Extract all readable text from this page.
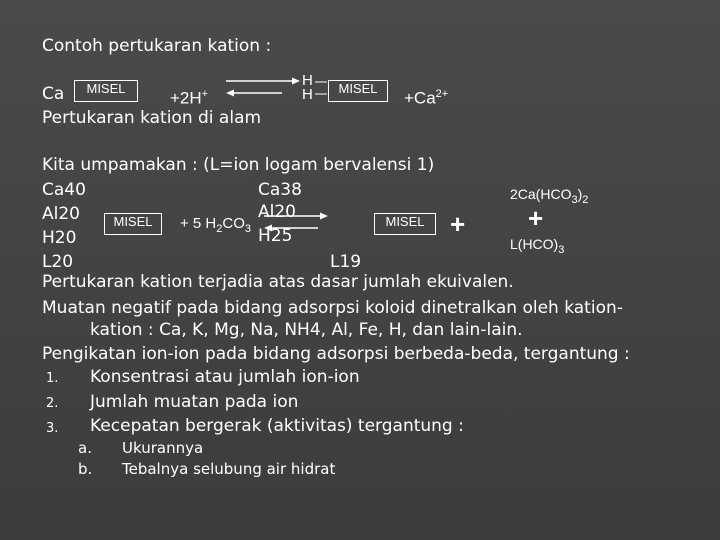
Contoh pertukaran kation :
Ca	MISEL
+2H+
H
H	MISEL
$+Ca^{2+}$
Pertukaran kation di alam
Kita umpamakan : (L=ion logam bervalensi 1)
Ca40
Al20
H20
L20
MISEL	+ 5 $H_2CO_3$
Ca38
Al20
H25
L19
MISEL +
$2Ca(HCO_3)_2$
+
$L(HCO)_3$
Pertukaran kation terjadia atas dasar jumlah ekuivalen.
Muatan negatif pada bidang adsorpsi koloid dinetralkan oleh kation-
kation : Ca, K, Mg, Na, NH4, Al, Fe, H, dan lain-lain.
Pengikatan ion-ion pada bidang adsorpsi berbeda-beda, tergantung :
1. Konsentrasi atau jumlah ion-ion
2. Jumlah muatan pada ion
3. Kecepatan bergerak (aktivitas) tergantung :
a. Ukurannya
b. Tebalnya selubung air hidrat
